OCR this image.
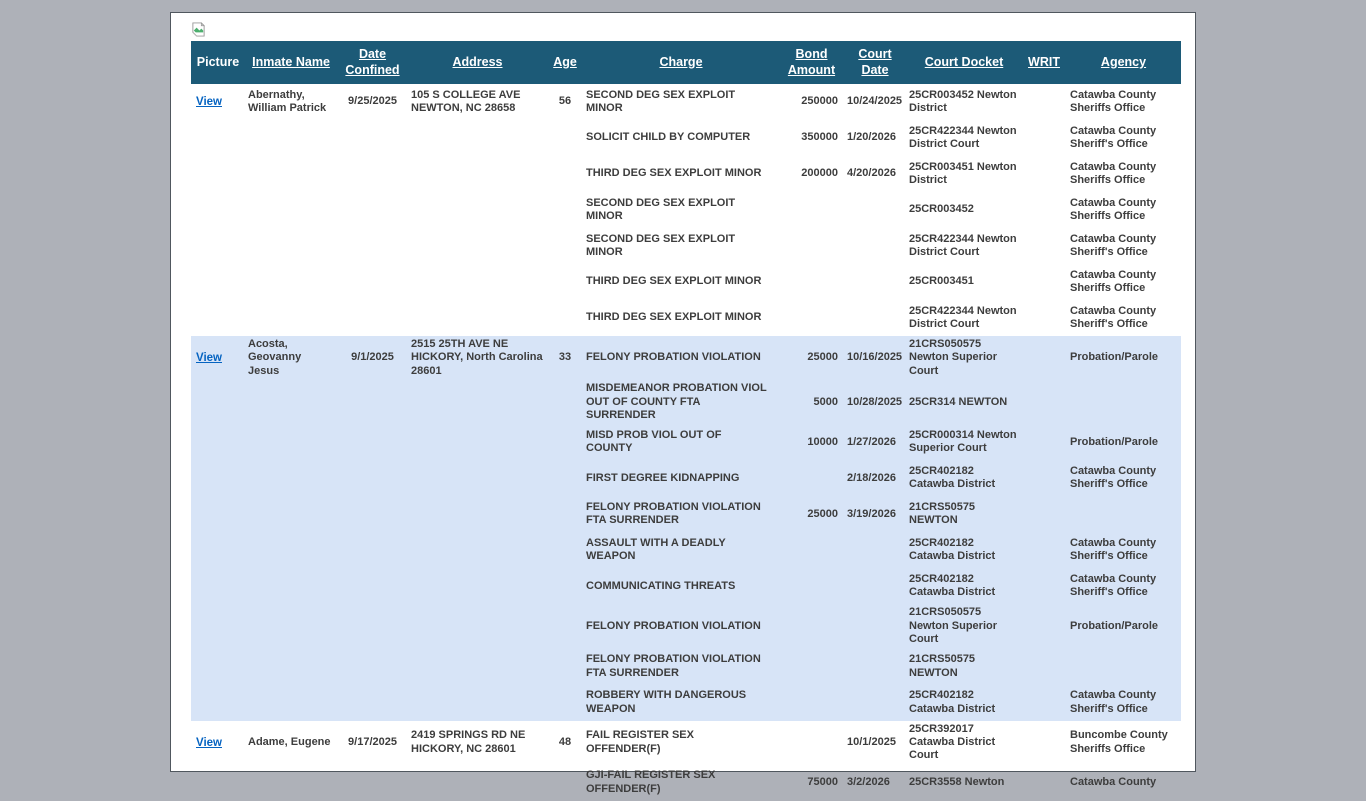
Picture	Inmate Name	Date Confined	Address	Age	Charge	Bond Amount	Court Date	Court Docket	WRIT	Agency
View	Abernathy, William Patrick	9/25/2025	105 S COLLEGE AVE NEWTON, NC 28658	56	SECOND DEG SEX EXPLOIT MINOR	250000	10/24/2025	25CR003452 Newton District		Catawba County Sheriffs Office
					SOLICIT CHILD BY COMPUTER	350000	1/20/2026	25CR422344 Newton District Court		Catawba County Sheriff's Office
					THIRD DEG SEX EXPLOIT MINOR	200000	4/20/2026	25CR003451 Newton District		Catawba County Sheriffs Office
					SECOND DEG SEX EXPLOIT MINOR			25CR003452		Catawba County Sheriffs Office
					SECOND DEG SEX EXPLOIT MINOR			25CR422344 Newton District Court		Catawba County Sheriff's Office
					THIRD DEG SEX EXPLOIT MINOR			25CR003451		Catawba County Sheriffs Office
					THIRD DEG SEX EXPLOIT MINOR			25CR422344 Newton District Court		Catawba County Sheriff's Office
View	Acosta, Geovanny Jesus	9/1/2025	2515 25TH AVE NE HICKORY, North Carolina 28601	33	FELONY PROBATION VIOLATION	25000	10/16/2025	21CRS050575 Newton Superior Court		Probation/Parole
					MISDEMEANOR PROBATION VIOL OUT OF COUNTY FTA SURRENDER	5000	10/28/2025	25CR314 NEWTON		
					MISD PROB VIOL OUT OF COUNTY	10000	1/27/2026	25CR000314 Newton Superior Court		Probation/Parole
					FIRST DEGREE KIDNAPPING		2/18/2026	25CR402182 Catawba District		Catawba County Sheriff's Office
					FELONY PROBATION VIOLATION FTA SURRENDER	25000	3/19/2026	21CRS50575 NEWTON		
					ASSAULT WITH A DEADLY WEAPON			25CR402182 Catawba District		Catawba County Sheriff's Office
					COMMUNICATING THREATS			25CR402182 Catawba District		Catawba County Sheriff's Office
					FELONY PROBATION VIOLATION			21CRS050575 Newton Superior Court		Probation/Parole
					FELONY PROBATION VIOLATION FTA SURRENDER			21CRS50575 NEWTON		
					ROBBERY WITH DANGEROUS WEAPON			25CR402182 Catawba District		Catawba County Sheriff's Office
View	Adame, Eugene	9/17/2025	2419 SPRINGS RD NE HICKORY, NC 28601	48	FAIL REGISTER SEX OFFENDER(F)		10/1/2025	25CR392017 Catawba District Court		Buncombe County Sheriffs Office
					GJI-FAIL REGISTER SEX OFFENDER(F)	75000	3/2/2026	25CR3558 Newton		Catawba County
